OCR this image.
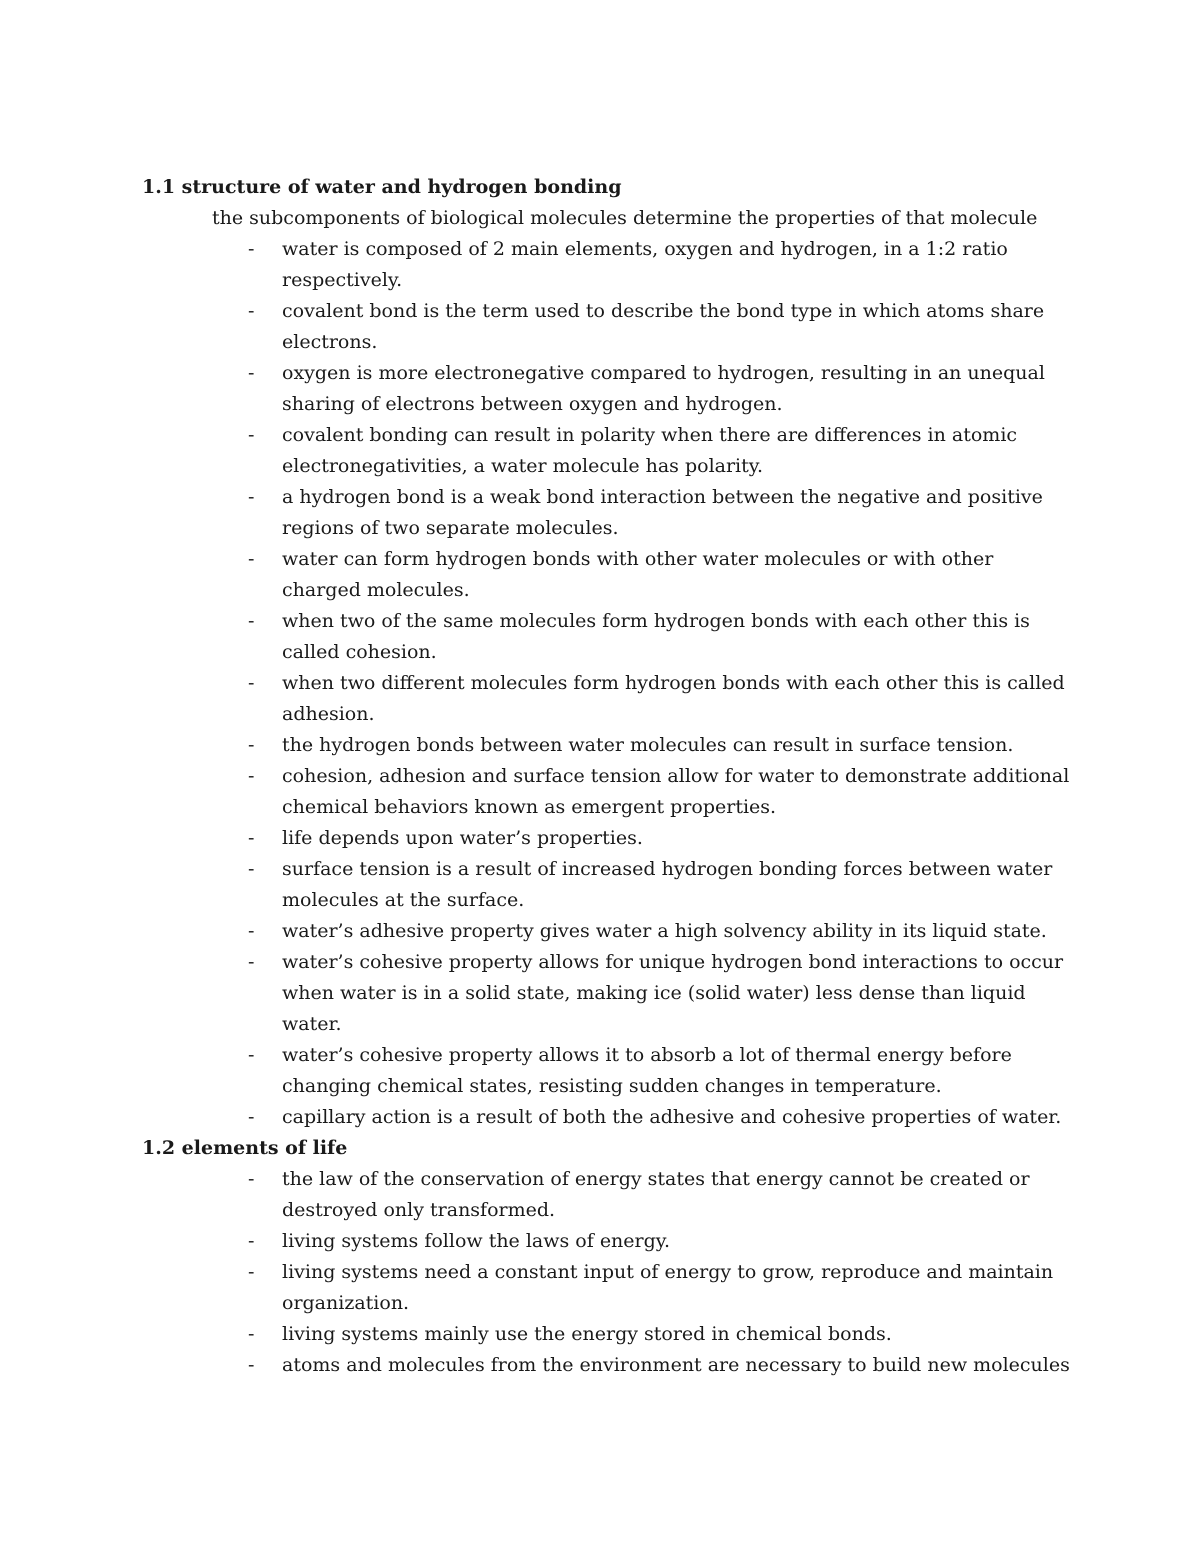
1.1 structure of water and hydrogen bonding
the subcomponents of biological molecules determine the properties of that molecule
- water is composed of 2 main elements, oxygen and hydrogen, in a 1:2 ratio respectively.
- covalent bond is the term used to describe the bond type in which atoms share electrons.
- oxygen is more electronegative compared to hydrogen, resulting in an unequal sharing of electrons between oxygen and hydrogen.
- covalent bonding can result in polarity when there are differences in atomic electronegativities, a water molecule has polarity.
- a hydrogen bond is a weak bond interaction between the negative and positive regions of two separate molecules.
- water can form hydrogen bonds with other water molecules or with other charged molecules.
- when two of the same molecules form hydrogen bonds with each other this is called cohesion.
- when two different molecules form hydrogen bonds with each other this is called adhesion.
- the hydrogen bonds between water molecules can result in surface tension.
- cohesion, adhesion and surface tension allow for water to demonstrate additional chemical behaviors known as emergent properties.
- life depends upon water’s properties.
- surface tension is a result of increased hydrogen bonding forces between water molecules at the surface.
- water’s adhesive property gives water a high solvency ability in its liquid state.
- water’s cohesive property allows for unique hydrogen bond interactions to occur when water is in a solid state, making ice (solid water) less dense than liquid water.
- water’s cohesive property allows it to absorb a lot of thermal energy before changing chemical states, resisting sudden changes in temperature.
- capillary action is a result of both the adhesive and cohesive properties of water.
1.2 elements of life
- the law of the conservation of energy states that energy cannot be created or destroyed only transformed.
- living systems follow the laws of energy.
- living systems need a constant input of energy to grow, reproduce and maintain organization.
- living systems mainly use the energy stored in chemical bonds.
- atoms and molecules from the environment are necessary to build new molecules
